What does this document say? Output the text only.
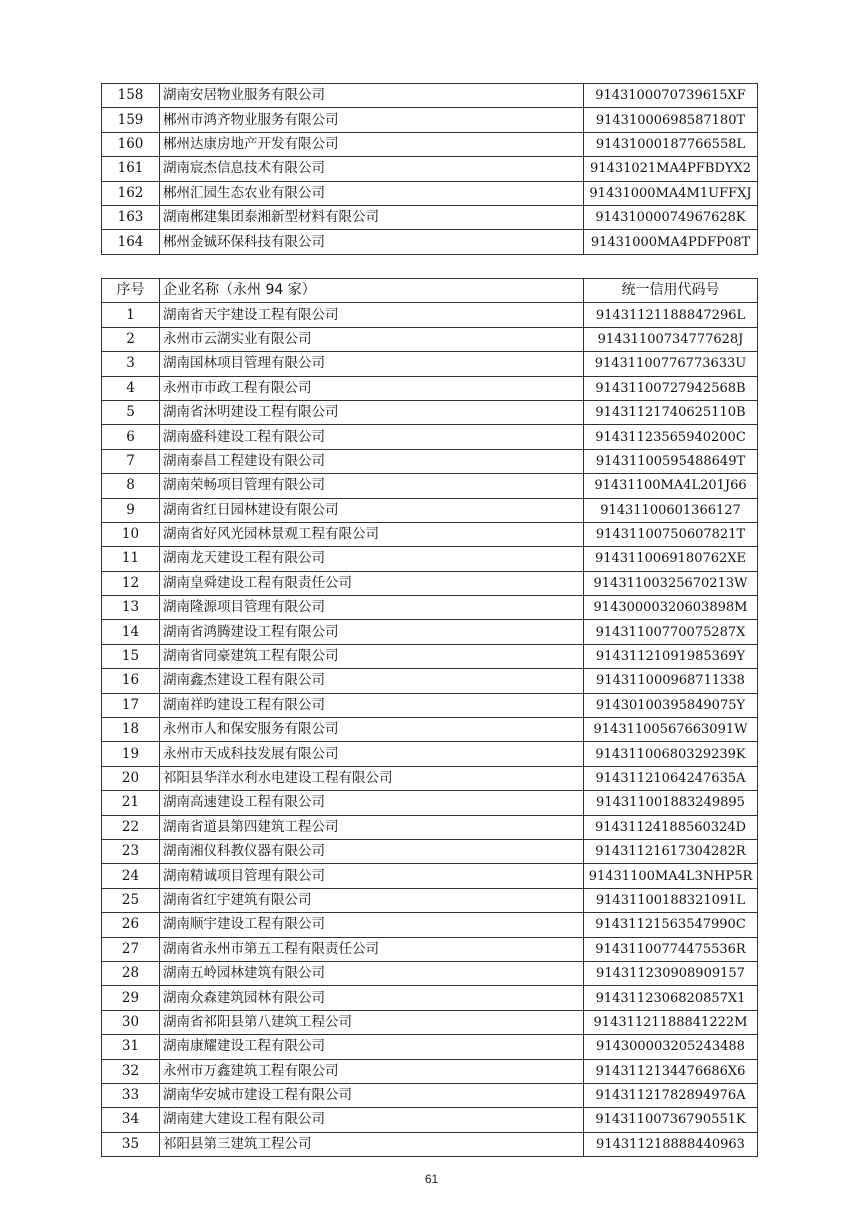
158	湖南安居物业服务有限公司	9143100070739615XF
159	郴州市鸿齐物业服务有限公司	91431000698587180T
160	郴州达康房地产开发有限公司	91431000187766558L
161	湖南宸杰信息技术有限公司	91431021MA4PFBDYX2
162	郴州汇园生态农业有限公司	91431000MA4M1UFFXJ
163	湖南郴建集团泰湘新型材料有限公司	91431000074967628K
164	郴州金铖环保科技有限公司	91431000MA4PDFP08T
序号	企业名称（永州 94 家）	统一信用代码号
1	湖南省天宇建设工程有限公司	91431121188847296L
2	永州市云湖实业有限公司	91431100734777628J
3	湖南国林项目管理有限公司	91431100776773633U
4	永州市市政工程有限公司	91431100727942568B
5	湖南省沐明建设工程有限公司	91431121740625110B
6	湖南盛科建设工程有限公司	91431123565940200C
7	湖南泰昌工程建设有限公司	91431100595488649T
8	湖南荣畅项目管理有限公司	91431100MA4L201J66
9	湖南省红日园林建设有限公司	91431100601366127
10	湖南省好风光园林景观工程有限公司	91431100750607821T
11	湖南龙天建设工程有限公司	9143110069180762XE
12	湖南皇舜建设工程有限责任公司	91431100325670213W
13	湖南隆源项目管理有限公司	91430000320603898M
14	湖南省鸿腾建设工程有限公司	91431100770075287X
15	湖南省同豪建筑工程有限公司	91431121091985369Y
16	湖南鑫杰建设工程有限公司	914311000968711338
17	湖南祥昀建设工程有限公司	91430100395849075Y
18	永州市人和保安服务有限公司	91431100567663091W
19	永州市天成科技发展有限公司	91431100680329239K
20	祁阳县华洋水利水电建设工程有限公司	91431121064247635A
21	湖南高速建设工程有限公司	914311001883249895
22	湖南省道县第四建筑工程公司	91431124188560324D
23	湖南湘仪科教仪器有限公司	91431121617304282R
24	湖南精诚项目管理有限公司	91431100MA4L3NHP5R
25	湖南省红宇建筑有限公司	91431100188321091L
26	湖南顺宇建设工程有限公司	91431121563547990C
27	湖南省永州市第五工程有限责任公司	91431100774475536R
28	湖南五岭园林建筑有限公司	914311230908909157
29	湖南众森建筑园林有限公司	9143112306820857X1
30	湖南省祁阳县第八建筑工程公司	91431121188841222M
31	湖南康耀建设工程有限公司	914300003205243488
32	永州市万鑫建筑工程有限公司	9143112134476686X6
33	湖南华安城市建设工程有限公司	91431121782894976A
34	湖南建大建设工程有限公司	91431100736790551K
35	祁阳县第三建筑工程公司	914311218888440963
61
